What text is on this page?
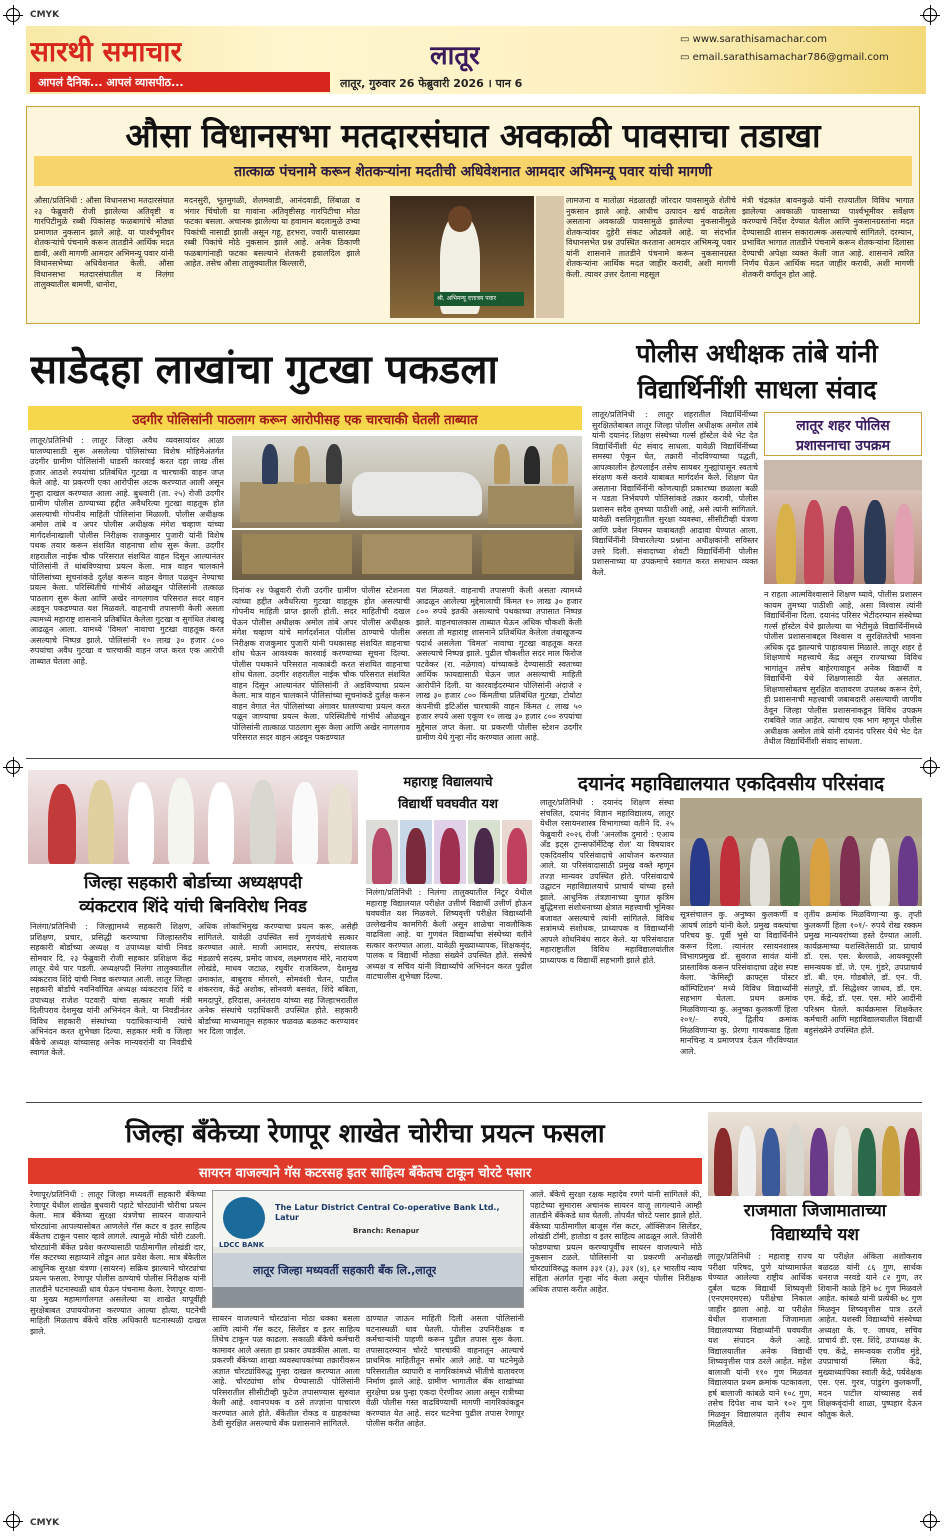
CMYK
CMYK
सारथी समाचार
आपलं दैनिक... आपलं व्यासपीठ...
लातूर
लातूर, गुरुवार 26 फेब्रुवारी 2026 । पान 6
▭ www.sarathisamachar.com
▭ email.sarathisamachar786@gmail.com
औसा विधानसभा मतदारसंघात अवकाळी पावसाचा तडाखा
तात्काळ पंचनामे करून शेतकऱ्यांना मदतीची अधिवेशनात आमदार अभिमन्यू पवार यांची मागणी
औसा/प्रतिनिधी : औसा विधानसभा मतदारसंघात २३ फेब्रुवारी रोजी झालेल्या अतिवृष्टी व गारपिटीमुळे रब्बी पिकांसह फळबागांचे मोठ्या प्रमाणात नुकसान झाले आहे. या पार्श्वभूमीवर शेतकऱ्यांचे पंचनामे करून तातडीने आर्थिक मदत द्यावी, अशी मागणी आमदार अभिमन्यू पवार यांनी विधानसभेच्या अधिवेशनात केली. औसा विधानसभा मतदारसंघातील व निलंगा तालुक्यातील बामणी, धानोरा,
मदनसुरी, भूतमुगळी, शेलमवाडी, आनंदवाडी, लिंबाळा व भंगार चिंचोली या गावांना अतिवृष्टीसह गारपिटीचा मोठा फटका बसला. अचानक झालेल्या या हवामान बदलामुळे उभ्या पिकांची नासाडी झाली असून गहू, हरभरा, ज्वारी यासारख्या रब्बी पिकांचे मोठे नुकसान झाले आहे. अनेक ठिकाणी फळबागांनाही फटका बसल्याने शेतकरी हवालदिल झाले आहेत. तसेच औसा तालुक्यातील किल्लारी,
श्री. अभिमन्यू दत्तात्रय पवार
लामजना व मातोळा मंडळातही जोरदार पावसामुळे शेतीचे नुकसान झाले आहे. आधीच उत्पादन खर्च वाढलेला असताना अवकाळी पावसामुळे झालेल्या नुकसानीमुळे शेतकऱ्यांवर दुहेरी संकट ओढवले आहे. या संदर्भात विधानसभेत प्रश्न उपस्थित करताना आमदार अभिमन्यू पवार यांनी शासनाने तातडीने पंचनामे करून नुकसानग्रस्त शेतकऱ्यांना आर्थिक मदत जाहीर करावी, अशी मागणी केली. त्यावर उत्तर देताना महसूल
मंत्री चंद्रकांत बावनकुळे यांनी राज्यातील विविध भागात झालेल्या अवकाळी पावसाच्या पार्श्वभूमीवर सर्वेक्षण करण्याचे निर्देश देण्यात येतील आणि नुकसानग्रस्तांना मदत देण्यासाठी शासन सकारात्मक असल्याचे सांगितले. दरम्यान, प्रभावित भागात तातडीने पंचनामे करून शेतकऱ्यांना दिलासा देण्याची अपेक्षा व्यक्त केली जात आहे. शासनाने त्वरित निर्णय घेऊन आर्थिक मदत जाहीर करावी, अशी मागणी शेतकरी वर्गातून होत आहे.
साडेदहा लाखांचा गुटखा पकडला
उदगीर पोलिसांनी पाठलाग करून आरोपीसह एक चारचाकी घेतली ताब्यात
लातूर/प्रतिनिधी : लातूर जिल्हा अवैध व्यवसायांवर आळा घालण्यासाठी सुरू असलेल्या पोलिसांच्या विशेष मोहिमेअंतर्गत उदगीर ग्रामीण पोलिसांनी धाडसी कारवाई करत दहा लाख तीस हजार आठशे रुपयांचा प्रतिबंधित गुटखा व चारचाकी वाहन जप्त केले आहे. या प्रकरणी एका आरोपीस अटक करण्यात आली असून गुन्हा दाखल करण्यात आला आहे. बुधवारी (ता. २५) रोजी उदगीर ग्रामीण पोलीस ठाण्याच्या हद्दीत अवैधरित्या गुटखा वाहतूक होत असल्याची गोपनीय माहिती पोलिसांना मिळाली. पोलीस अधीक्षक अमोल तांबे व अपर पोलीस अधीक्षक मंगेश चव्हाण यांच्या मार्गदर्शनाखाली पोलीस निरीक्षक राजकुमार पुजारी यांनी विशेष पथक तयार करून संशयित वाहनाचा शोध सुरू केला. उदगीर शहरातील नाईक चौक परिसरात संशयित वाहन दिसून आल्यानंतर पोलिसांनी ते थांबविण्याचा प्रयत्न केला. मात्र वाहन चालकाने पोलिसांच्या सूचनांकडे दुर्लक्ष करून वाहन वेगात पळवून नेण्याचा प्रयत्न केला. परिस्थितीचे गांभीर्य ओळखून पोलिसांनी तत्काळ पाठलाग सुरू केला आणि अखेर नागलगाव परिसरात सदर वाहन अडवून पकडण्यात यश मिळवले. वाहनाची तपासणी केली असता त्यामध्ये महाराष्ट्र शासनाने प्रतिबंधित केलेला गुटखा व सुगंधित तंबाखू आढळून आला. यामध्ये 'विमल' नावाचा गुटखा वाहतूक करत असल्याचे निष्पन्न झाले. पोलिसांनी १० लाख ३० हजार ८०० रुपयांचा अवैध गुटखा व चारचाकी वाहन जप्त करत एक आरोपी ताब्यात घेतला आहे.
दिनांक २४ फेब्रुवारी रोजी उदगीर ग्रामीण पोलीस स्टेशनला त्यांच्या हद्दीत अवैधरित्या गुटखा वाहतूक होत असल्याची गोपनीय माहिती प्राप्त झाली होती. सदर माहितीची दखल घेऊन पोलीस अधीक्षक अमोल तांबे अपर पोलीस अधीक्षक मंगेश चव्हाण यांचे मार्गदर्शनात पोलीस ठाण्याचे पोलीस निरीक्षक राजकुमार पुजारी यांनी पथकासह संशयित वाहनाचा शोध घेऊन आवश्यक कारवाई करण्याच्या सूचना दिल्या. पोलीस पथकाने परिसरात नाकाबंदी करत संशयित वाहनाचा शोध घेतला. उदगीर शहरातील नाईक चौक परिसरात संशयित वाहन दिसून आल्यानंतर पोलिसांनी ते अडविण्याचा प्रयत्न केला. मात्र वाहन चालकाने पोलिसांच्या सूचनांकडे दुर्लक्ष करून वाहन वेगात नेत पोलिसांच्या अंगावर घालण्याचा प्रयत्न करत पळून जाण्याचा प्रयत्न केला. परिस्थितीचे गांभीर्य ओळखून पोलिसांनी तात्काळ पाठलाग सुरू केला आणि अखेर नागलगाव परिसरात सदर वाहन अडवून पकडण्यात
यश मिळवले. वाहनाची तपासणी केली असता त्यामध्ये आढळून आलेल्या मुद्देमालाची किंमत १० लाख ३० हजार ८०० रुपये इतकी असल्याचे पथकाच्या तपासात निष्पन्न झाले. वाहनचालकास ताब्यात घेऊन अधिक चौकशी केली असता तो महाराष्ट्र शासनाने प्रतिबंधित केलेला तंबाखूजन्य पदार्थ असलेला 'विमल' नावाचा गुटखा वाहतूक करत असल्याचे निष्पन्न झाले. पुढील चौकशीत सदर माल फिरोज पटवेकर (रा. नळेगाव) यांच्याकडे देण्यासाठी स्वतःच्या आर्थिक फायद्यासाठी घेऊन जात असल्याची माहिती आरोपीने दिली. या कारवाईदरम्यान पोलिसांनी अंदाजे २ लाख ३० हजार ८०० किंमतीचा प्रतिबंधित गुटखा, टोयोटा कंपनीची इटिऑस चारचाकी वाहन किंमत ८ लाख ५० हजार रुपये असा एकूण १० लाख ३० हजार ८०० रुपयांचा मुद्देमाल जप्त केला. या प्रकरणी पोलीस स्टेशन उदगीर ग्रामीण येथे गुन्हा नोंद करण्यात आला आहे.
पोलीस अधीक्षक तांबे यांनी
विद्यार्थिनींशी साधला संवाद
लातूर/प्रतिनिधी : लातूर शहरातील विद्यार्थिनींच्या सुरक्षिततेबाबत लातूर जिल्हा पोलीस अधीक्षक अमोल तांबे यांनी दयानंद शिक्षण संस्थेच्या गर्ल्स हॉस्टेल येथे भेट देत विद्यार्थिनींशी थेट संवाद साधला. यावेळी विद्यार्थिनींच्या समस्या ऐकून घेत, तक्रारी नोंदविण्याच्या पद्धती, आपत्कालीन हेल्पलाईन तसेच सायबर गुन्ह्यांपासून स्वतःचे संरक्षण कसे करावे याबाबत मार्गदर्शन केले. शिक्षण घेत असताना विद्यार्थिनींनी कोणत्याही प्रकारच्या छळाला बळी न पडता निर्भयपणे पोलिसांकडे तक्रार करावी, पोलीस प्रशासन सदैव तुमच्या पाठीशी आहे, असे त्यांनी सांगितले. यावेळी वसतिगृहातील सुरक्षा व्यवस्था, सीसीटीव्ही यंत्रणा आणि प्रवेश नियमन याबाबतही आढावा घेण्यात आला. विद्यार्थिनींनी विचारलेल्या प्रश्नांना अधीक्षकांनी सविस्तर उत्तरे दिली. संवादाच्या शेवटी विद्यार्थिनींनी पोलीस प्रशासनाच्या या उपक्रमाचे स्वागत करत समाधान व्यक्त केले.
लातूर शहर पोलिस
प्रशासनाचा उपक्रम
न राहता आत्मविश्वासाने शिक्षण घ्यावे, पोलीस प्रशासन कायम तुमच्या पाठीशी आहे, असा विश्वास त्यांनी विद्यार्थिनींना दिला. दयानंद परिसर भेटीदरम्यान संस्थेच्या गर्ल्स हॉस्टेल येथे झालेल्या या भेटीमुळे विद्यार्थिनींमध्ये पोलीस प्रशासनाबद्दल विश्वास व सुरक्षिततेची भावना अधिक दृढ झाल्याचे पाहावयास मिळाले. लातूर शहर हे शिक्षणाचे महत्त्वाचे केंद्र असून राज्याच्या विविध भागांतून तसेच बाहेरगावाहून अनेक विद्यार्थी व विद्यार्थिनी येथे शिक्षणासाठी येत असतात. शिक्षणासोबतच सुरक्षित वातावरण उपलब्ध करून देणे, ही प्रशासनाची महत्त्वाची जबाबदारी असल्याची जाणीव ठेवून जिल्हा पोलीस प्रशासनाकडून विविध उपक्रम राबविले जात आहेत. त्याचाच एक भाग म्हणून पोलीस अधीक्षक अमोल तांबे यांनी दयानंद परिसर येथे भेट देत तेथील विद्यार्थिनींशी संवाद साधला.
जिल्हा सहकारी बोर्डाच्या अध्यक्षपदी
व्यंकटराव शिंदे यांची बिनविरोध निवड
निलंगा/प्रतिनिधी : जिल्ह्यामध्ये सहकारी शिक्षण, प्रशिक्षण, प्रचार, प्रसिद्धी करण्याचा जिल्हास्तरीय सहकारी बोर्डाच्या अध्यक्ष व उपाध्यक्ष यांची निवड सोमवार दि. २३ फेब्रुवारी रोजी सहकार प्रशिक्षण केंद्र लातूर येथे पार पडली. अध्यक्षपदी निलंगा तालुक्यातील व्यंकटराव शिंदे यांची निवड करण्यात आली. लातूर जिल्हा सहकारी बोर्डाचे नवनिर्वाचित अध्यक्ष व्यंकटराव शिंदे व उपाध्यक्ष राजेश पटवारी यांचा सत्कार माजी मंत्री दिलीपराव देशमुख यांनी अभिनंदन केले. या निवडीनंतर विविध सहकारी संस्थांच्या पदाधिकाऱ्यांनी त्यांचे अभिनंदन करत शुभेच्छा दिल्या. सहकार मंत्री व जिल्हा बँकेचे अध्यक्ष यांच्यासह अनेक मान्यवरांनी या निवडीचे स्वागत केले.
अधिक लोकाभिमुख करण्याचा प्रयत्न करू, असेही सांगितले. यावेळी उपस्थित सर्व गुणवंतांचे सत्कार करण्यात आले. माजी आमदार, सरपंच, संचालक मंडळाचे सदस्य, प्रमोद जाधव, लक्ष्मणराव मोरे, नारायण लोखंडे, माधव जटाळ, रघुवीर राजकिरण, देशमुख उमाकांत, बाबुराव मोगरगे, सोमवंशी चेतन, पाटील शंकरराव, केंद्रे अशोक, सोनवणे बसवंत, शिंदे बबिता, ममदापुरे, हरिदास, अनंतराव यांच्या सह जिल्हाभरातील अनेक संस्थांचे पदाधिकारी उपस्थित होते. सहकारी बोर्डाच्या माध्यमातून सहकार चळवळ बळकट करण्यावर भर दिला जाईल.
महाराष्ट्र विद्यालयाचे
विद्यार्थी घवघवीत यश
निलंगा/प्रतिनिधी : निलंगा तालुक्यातील निटूर येथील महाराष्ट्र विद्यालयात परीक्षेत उत्तीर्ण विद्यार्थी उत्तीर्ण होऊन घवघवीत यश मिळवले. शिष्यवृत्ती परीक्षेत विद्यार्थ्यांनी उल्लेखनीय कामगिरी केली असून शाळेचा नावलौकिक वाढविला आहे. या गुणवंत विद्यार्थ्यांचा संस्थेच्या वतीने सत्कार करण्यात आला. यावेळी मुख्याध्यापक, शिक्षकवृंद, पालक व विद्यार्थी मोठ्या संख्येने उपस्थित होते. संस्थेचे अध्यक्ष व सचिव यांनी विद्यार्थ्यांचे अभिनंदन करत पुढील वाटचालीस शुभेच्छा दिल्या.
दयानंद महाविद्यालयात एकदिवसीय परिसंवाद
लातूर/प्रतिनिधी : दयानंद शिक्षण संस्था संचलित, दयानंद विज्ञान महाविद्यालय, लातूर येथील रसायनशास्त्र विभागाच्या वतीने दि. २५ फेब्रुवारी २०२६ रोजी 'अनलॉक दुमारो : एआय अँड इट्स ट्रान्सफॉर्मेटिव्ह रोल' या विषयावर एकदिवसीय परिसंवादाचे आयोजन करण्यात आले. या परिसंवादासाठी प्रमुख वक्ते म्हणून तज्ज्ञ मान्यवर उपस्थित होते. परिसंवादाचे उद्घाटन महाविद्यालयाचे प्राचार्य यांच्या हस्ते झाले. आधुनिक तंत्रज्ञानाच्या युगात कृत्रिम बुद्धिमत्ता संशोधनाच्या क्षेत्रात महत्त्वाची भूमिका बजावत असल्याचे त्यांनी सांगितले. विविध सत्रांमध्ये संशोधक, प्राध्यापक व विद्यार्थ्यांनी आपले शोधनिबंध सादर केले. या परिसंवादात महाराष्ट्रातील विविध महाविद्यालयांतील प्राध्यापक व विद्यार्थी सहभागी झाले होते.
सूत्रसंचालन कु. अनुष्का कुलकर्णी व आयर्ष लांडगे यांनी केले. प्रमुख वक्त्यांचा परिचय कु. पूर्वी भुसे या विद्यार्थिनीने करून दिला. त्यानंतर रसायनशास्त्र विभागप्रमुख डॉ. सुवराज सावंत यांनी प्रास्ताविक करून परिसंवादाचा उद्देश स्पष्ट केला. 'केमिस्ट्री क्राफ्ट्स पोस्टर कॉम्पिटिशन' मध्ये विविध विद्यार्थ्यांनी सहभाग घेतला. प्रथम क्रमांक मिळविणाऱ्या कु. अनुष्का कुलकर्णी हिला २०१/- रुपये, द्वितीय क्रमांक मिळविणाऱ्या कु. प्रेरणा गायकवाड हिला मानचिन्ह व प्रमाणपत्र देऊन गौरविण्यात आले.
तृतीय क्रमांक मिळविणाऱ्या कु. तृप्ती कुलकर्णी हिला १०१/- रुपये रोख रक्कम प्रमुख मान्यवरांच्या हस्ते देण्यात आली. कार्यक्रमाच्या यशस्वितेसाठी प्रा. प्राचार्य डॉ. एस. एस. बेल्लाळे, आयक्यूएसी समन्वयक डॉ. जे. एम. गुंडरे, उपप्राचार्य डॉ. बी. एम. गोडबोले, डॉ. एन. पी. संतपुरे, डॉ. सिद्धेश्वर जाधव, डॉ. एम. एम. केंद्रे, डॉ. एस. एस. मोरे आदींनी परिश्रम घेतले. कार्यक्रमास शिक्षकेतर कर्मचारी आणि महाविद्यालयातील विद्यार्थी बहुसंख्येने उपस्थित होते.
जिल्हा बँकेच्या रेणापूर शाखेत चोरीचा प्रयत्न फसला
सायरन वाजल्याने गॅस कटरसह इतर साहित्य बँकेतच टाकून चोरटे पसार
रेणापूर/प्रतिनिधी : लातूर जिल्हा मध्यवर्ती सहकारी बँकेच्या रेणापूर येथील शाखेत बुधवारी पहाटे चोरट्यांनी चोरीचा प्रयत्न केला. मात्र बँकेच्या सुरक्षा यंत्रणेचा सायरन वाजल्याने चोरट्यांना आपल्यासोबत आणलेले गॅस कटर व इतर साहित्य बँकेतच टाकून पसार व्हावे लागले. त्यामुळे मोठी चोरी टळली. चोरट्यांनी बँकेत प्रवेश करण्यासाठी पाठीमागील लोखंडी दार, गॅस कटरच्या सहाय्याने तोडून आत प्रवेश केला. मात्र बँकेतील आधुनिक सुरक्षा यंत्रणा (सायरन) सक्रिय झाल्याने चोरट्यांचा प्रयत्न फसला. रेणापूर पोलीस ठाण्याचे पोलीस निरीक्षक यांनी तातडीने घटनास्थळी धाव घेऊन पंचनामा केला. रेणापूर वाणा-या मुख्य महामार्गालगत असलेल्या या शाखेत यापूर्वीही सुरक्षेबाबत उपाययोजना करण्यात आल्या होत्या. घटनेची माहिती मिळताच बँकेचे वरिष्ठ अधिकारी घटनास्थळी दाखल झाले.
LDCC BANK
The Latur District Central Co-operative Bank Ltd., Latur
Branch: Renapur
लातूर जिल्हा मध्यवर्ती सहकारी बँक लि.,लातूर
सायरन वाजल्याने चोरट्यांना मोठा धक्का बसला आणि त्यांनी गॅस कटर, सिलेंडर व इतर साहित्य तिथेच टाकून पळ काढला. सकाळी बँकेचे कर्मचारी कामावर आले असता हा प्रकार उघडकीस आला. या प्रकरणी बँकेच्या शाखा व्यवस्थापकांच्या तक्रारीवरून अज्ञात चोरट्यांविरुद्ध गुन्हा दाखल करण्यात आला आहे. चोरट्यांचा शोध घेण्यासाठी पोलिसांनी परिसरातील सीसीटीव्ही फुटेज तपासण्यास सुरुवात केली आहे. श्वानपथक व ठसे तज्ज्ञांना पाचारण करण्यात आले होते. बँकेतील रोकड व ग्राहकांच्या ठेवी सुरक्षित असल्याचे बँक प्रशासनाने सांगितले.
ठाण्यात जाऊन माहिती दिली असता पोलिसांनी घटनास्थळी धाव घेतली. पोलीस उपनिरीक्षक व कर्मचाऱ्यांनी पाहणी करून पुढील तपास सुरू केला. तपासादरम्यान चोरटे चारचाकी वाहनातून आल्याचे प्राथमिक माहितीतून समोर आले आहे. या घटनेमुळे परिसरातील व्यापारी व नागरिकांमध्ये भीतीचे वातावरण निर्माण झाले आहे. ग्रामीण भागातील बँक शाखांच्या सुरक्षेचा प्रश्न पुन्हा एकदा ऐरणीवर आला असून रात्रीच्या वेळी पोलीस गस्त वाढविण्याची मागणी नागरिकांकडून करण्यात येत आहे. सदर घटनेचा पुढील तपास रेणापूर पोलीस करीत आहेत.
आले. बँकेचे सुरक्षा रक्षक महादेव रणगे यांनी सांगितले की, पहाटेच्या सुमारास अचानक सायरन वाजू लागल्याने आम्ही तातडीने बँकेकडे धाव घेतली. तोपर्यंत चोरटे पसार झाले होते. बँकेच्या पाठीमागील बाजूस गॅस कटर, ऑक्सिजन सिलेंडर, लोखंडी टॉमी, हातोडा व इतर साहित्य आढळून आले. तिजोरी फोडण्याचा प्रयत्न करण्यापूर्वीच सायरन वाजल्याने मोठे नुकसान टळले. पोलिसांनी या प्रकरणी अनोळखी चोरट्यांविरुद्ध कलम ३३१ (३), ३३१ (४), ६२ भारतीय न्याय संहिता अंतर्गत गुन्हा नोंद केला असून पोलीस निरीक्षक अधिक तपास करीत आहेत.
राजमाता जिजामाताच्या
विद्यार्थ्यांचे यश
लातूर/प्रतिनिधी : महाराष्ट्र राज्य परीक्षा परिषद, पुणे यांच्यामार्फत घेण्यात आलेल्या राष्ट्रीय आर्थिक दुर्बल घटक विद्यार्थी शिष्यवृत्ती (एनएमएमएस) परीक्षेचा निकाल जाहीर झाला आहे. या परीक्षेत येथील राजमाता जिजामाता विद्यालयाच्या विद्यार्थ्यांनी घवघवीत यश संपादन केले आहे. विद्यालयातील अनेक विद्यार्थी शिष्यवृत्तीस पात्र ठरले आहेत. महेश बालाजी यांनी ११० गुण मिळवत विद्यालयात प्रथम क्रमांक पटकावला, हर्ष बालाजी कांबळे याने १०८ गुण, तसेच दिपेश नाथ याने १०२ गुण मिळवून विद्यालयात तृतीय स्थान मिळविले.
या परीक्षेत अंकिता अशोकराव बळदळ यांनी ८६ गुण, सार्थक धनराज नरवडे याने ८२ गुण, तर शिवानी काळे हिने ७८ गुण मिळवले आहेत. कांबळे यांनी प्रत्येकी ७८ गुण मिळवून शिष्यवृत्तीस पात्र ठरले आहेत. यशस्वी विद्यार्थ्यांचे संस्थेच्या अध्यक्षा के. ए. जाधव, सचिव प्राचार्य डी. एस. शिंदे, उपाध्यक्ष के. एच. केंद्रे, समन्वयक राजीव मुंडे, उपप्राचार्या स्मिता केंद्रे, मुख्याध्यापिका स्वाती केंद्रे, पर्यवेक्षक एस. एस. गुरव, पांडुरंग कुलकर्णी, मदन पाटील यांच्यासह सर्व शिक्षकवृंदांनी शाळा, पुष्पहार देऊन कौतुक केले.
